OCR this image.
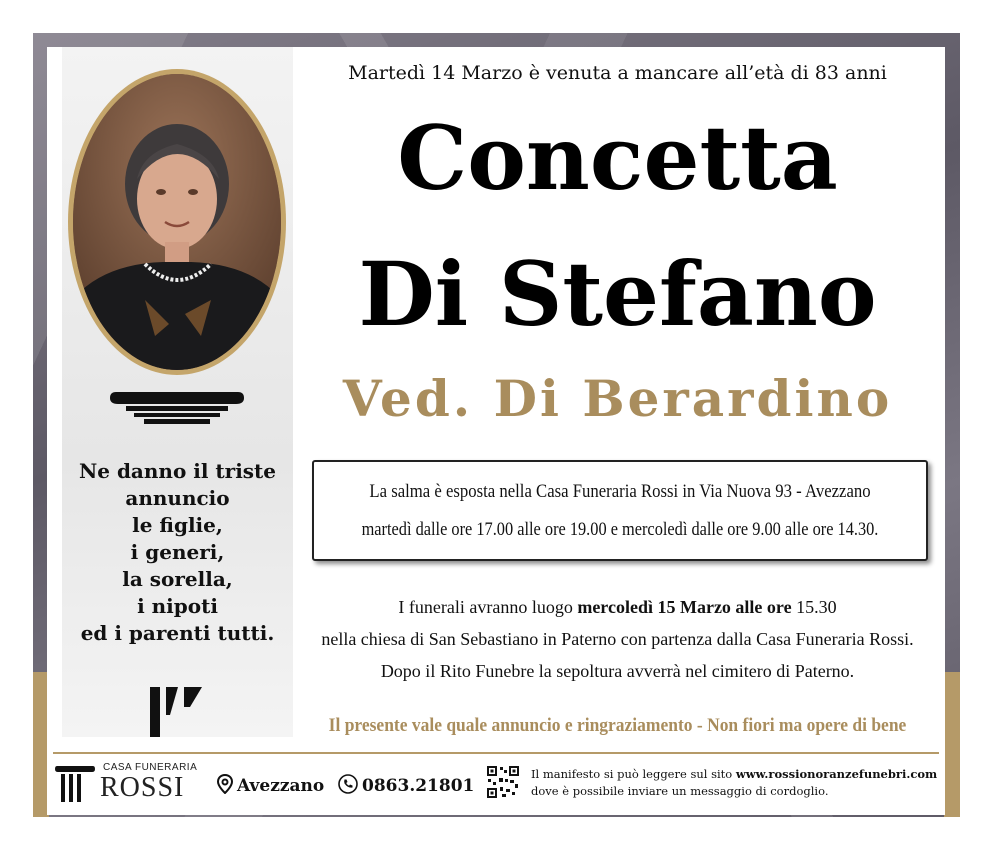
Ne danno il triste
annuncio
le figlie,
i generi,
la sorella,
i nipoti
ed i parenti tutti.
Martedì 14 Marzo è venuta a mancare all’età di 83 anni
Concetta
Di Stefano
Ved. Di Berardino
La salma è esposta nella Casa Funeraria Rossi in Via Nuova 93 - Avezzano
martedì dalle ore 17.00 alle ore 19.00 e mercoledì dalle ore 9.00 alle ore 14.30.
I funerali avranno luogo mercoledì 15 Marzo alle ore 15.30
nella chiesa di San Sebastiano in Paterno con partenza dalla Casa Funeraria Rossi.
Dopo il Rito Funebre la sepoltura avverrà nel cimitero di Paterno.
Il presente vale quale annuncio e ringraziamento - Non fiori ma opere di bene
CASA FUNERARIA
ROSSI	Avezzano	0863.21801
Il manifesto si può leggere sul sito www.rossionoranzefunebri.com
dove è possibile inviare un messaggio di cordoglio.
